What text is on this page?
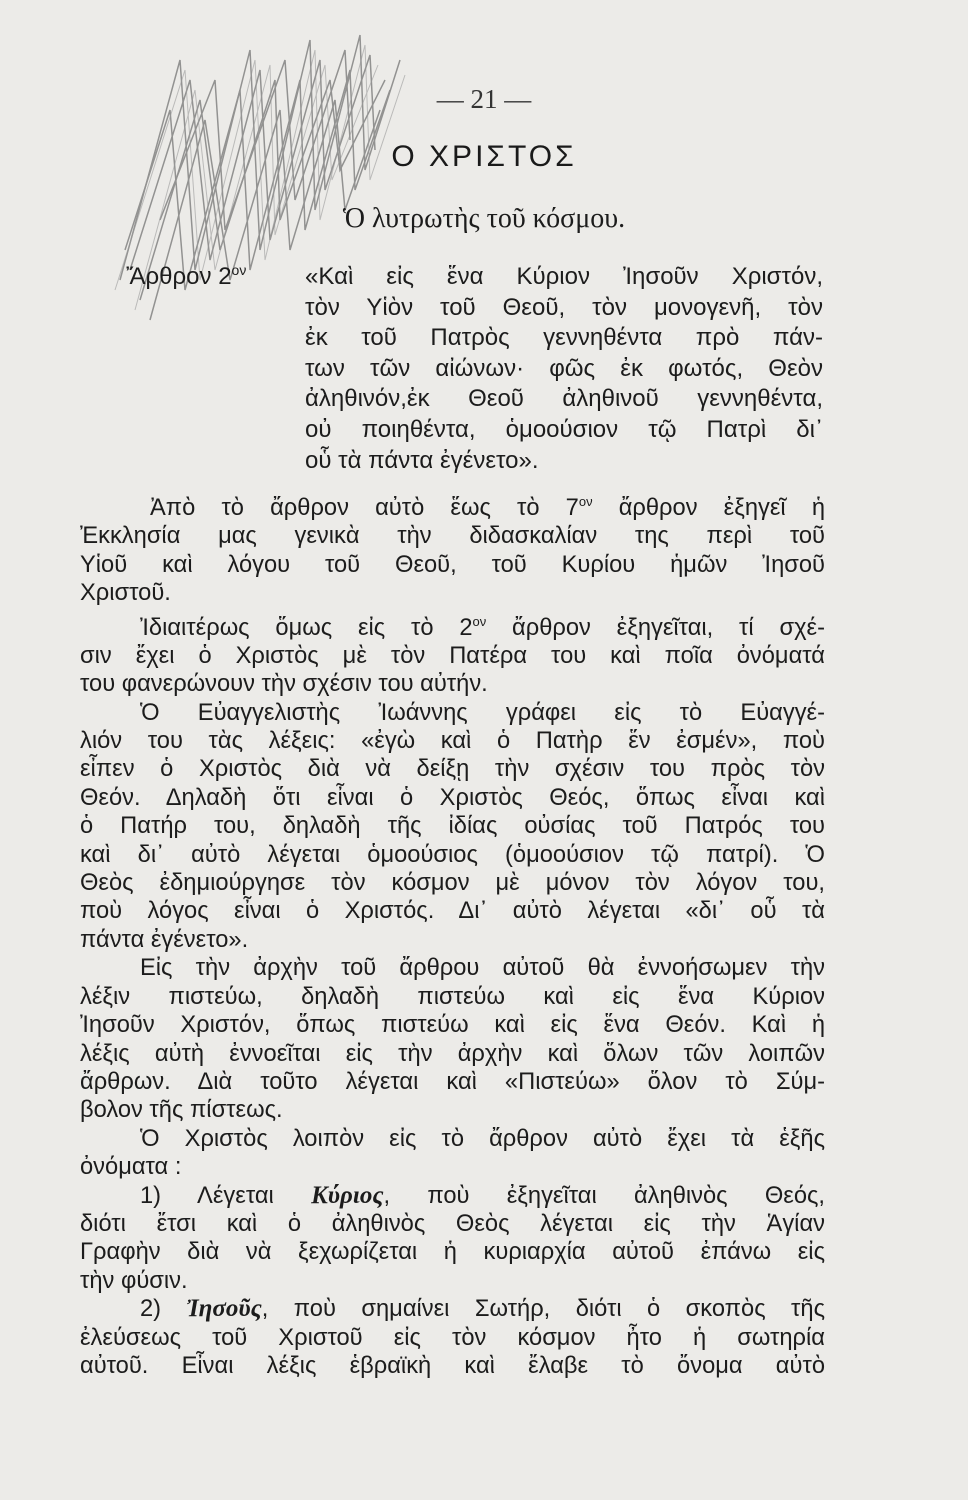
— 21 —
Ο ΧΡΙΣΤΟΣ
Ὁ λυτρωτὴς τοῦ κόσμου.
Ἄρθρον $2^{o\nu}$ «Καὶ εἰς ἕνα Κύριον Ἰησοῦν Χριστόν,
τὸν Υἱὸν τοῦ Θεοῦ, τὸν μονογενῆ, τὸν
ἐκ τοῦ Πατρὸς γεννηθέντα πρὸ πάν-
των τῶν αἰώνων· φῶς ἐκ φωτός, Θεὸν
ἀληθινόν,ἐκ Θεοῦ ἀληθινοῦ γεννηθέντα,
οὐ ποιηθέντα, ὁμοούσιον τῷ Πατρὶ δι᾽
οὗ τὰ πάντα ἐγένετο».
Ἀπὸ τὸ ἄρθρον αὐτὸ ἕως τὸ $7^{o\nu}$ ἄρθρον ἐξηγεῖ ἡ
Ἐκκλησία μας γενικὰ τὴν διδασκαλίαν της περὶ τοῦ
Υἱοῦ καὶ λόγου τοῦ Θεοῦ, τοῦ Κυρίου ἡμῶν Ἰησοῦ
Χριστοῦ.
Ἰδιαιτέρως ὅμως εἰς τὸ $2^{o\nu}$ ἄρθρον ἐξηγεῖται, τί σχέ-
σιν ἔχει ὁ Χριστὸς μὲ τὸν Πατέρα του καὶ ποῖα ὀνόματά
του φανερώνουν τὴν σχέσιν του αὐτήν.
Ὁ Εὐαγγελιστὴς Ἰωάννης γράφει εἰς τὸ Εὐαγγέ-
λιόν του τὰς λέξεις: «ἐγὼ καὶ ὁ Πατὴρ ἕν ἐσμέν», ποὺ
εἶπεν ὁ Χριστὸς διὰ νὰ δείξῃ τὴν σχέσιν του πρὸς τὸν
Θεόν. Δηλαδὴ ὅτι εἶναι ὁ Χριστὸς Θεός, ὅπως εἶναι καὶ
ὁ Πατήρ του, δηλαδὴ τῆς ἰδίας οὐσίας τοῦ Πατρός του
καὶ δι᾽ αὐτὸ λέγεται ὁμοούσιος (ὁμοούσιον τῷ πατρί). Ὁ
Θεὸς ἐδημιούργησε τὸν κόσμον μὲ μόνον τὸν λόγον του,
ποὺ λόγος εἶναι ὁ Χριστός. Δι᾽ αὐτὸ λέγεται «δι᾽ οὗ τὰ
πάντα ἐγένετο».
Εἰς τὴν ἀρχὴν τοῦ ἄρθρου αὐτοῦ θὰ ἐννοήσωμεν τὴν
λέξιν πιστεύω, δηλαδὴ πιστεύω καὶ εἰς ἕνα Κύριον
Ἰησοῦν Χριστόν, ὅπως πιστεύω καὶ εἰς ἕνα Θεόν. Καὶ ἡ
λέξις αὐτὴ ἐννοεῖται εἰς τὴν ἀρχὴν καὶ ὅλων τῶν λοιπῶν
ἄρθρων. Διὰ τοῦτο λέγεται καὶ «Πιστεύω» ὅλον τὸ Σύμ-
βολον τῆς πίστεως.
Ὁ Χριστὸς λοιπὸν εἰς τὸ ἄρθρον αὐτὸ ἔχει τὰ ἑξῆς
ὀνόματα :
1) Λέγεται Κύριος, ποὺ ἐξηγεῖται ἀληθινὸς Θεός,
διότι ἔτσι καὶ ὁ ἀληθινὸς Θεὸς λέγεται εἰς τὴν Ἁγίαν
Γραφὴν διὰ νὰ ξεχωρίζεται ἡ κυριαρχία αὐτοῦ ἐπάνω εἰς
τὴν φύσιν.
2) Ἰησοῦς, ποὺ σημαίνει Σωτήρ, διότι ὁ σκοπὸς τῆς
ἐλεύσεως τοῦ Χριστοῦ εἰς τὸν κόσμον ἦτο ἡ σωτηρία
αὐτοῦ. Εἶναι λέξις ἑβραϊκὴ καὶ ἔλαβε τὸ ὄνομα αὐτὸ
